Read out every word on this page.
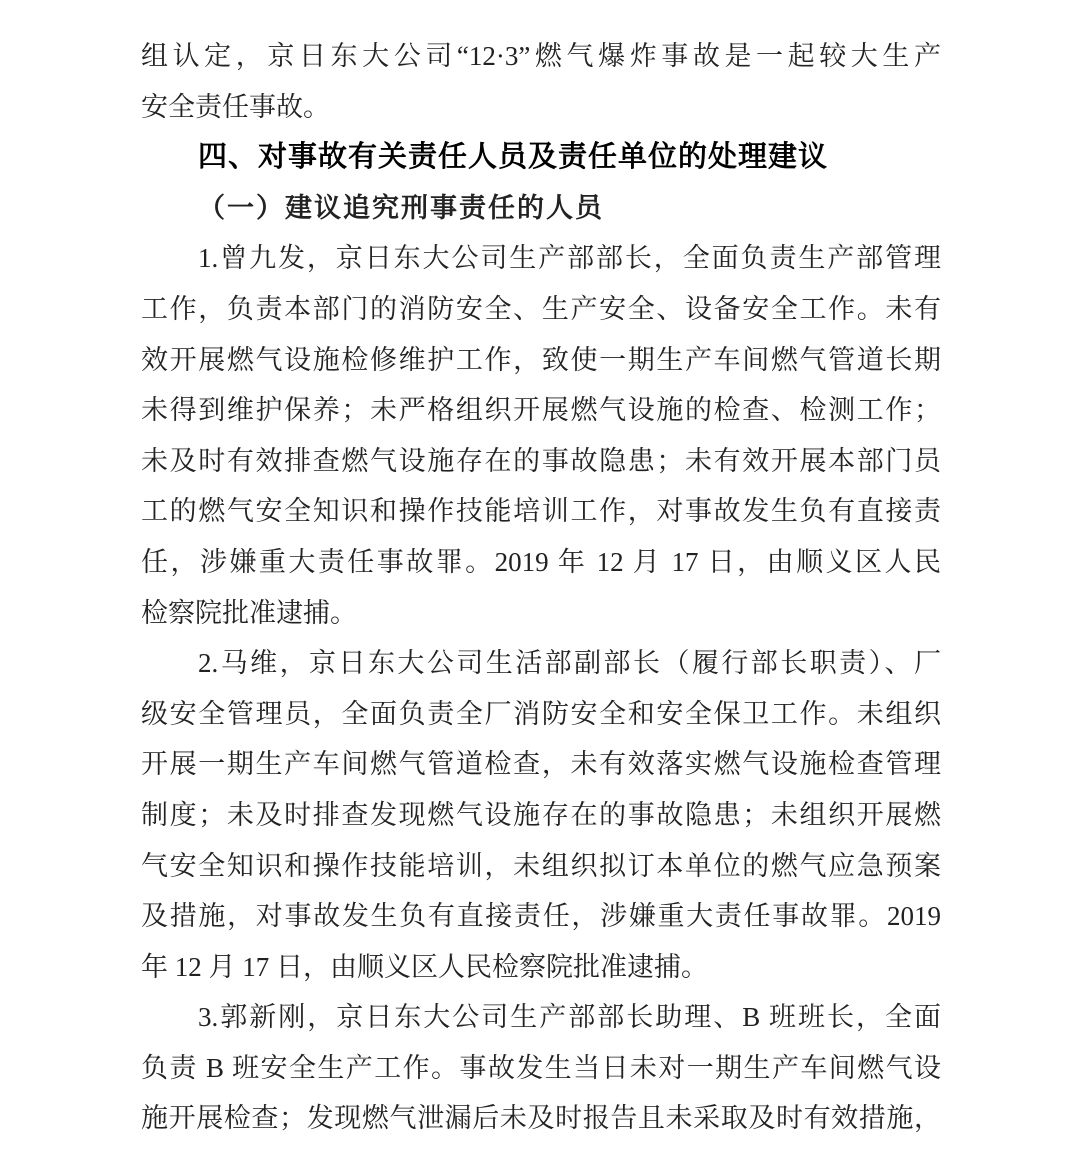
组认定，京日东大公司“12·3”燃气爆炸事故是一起较大生产
安全责任事故。
四、对事故有关责任人员及责任单位的处理建议
（一）建议追究刑事责任的人员
1.曾九发，京日东大公司生产部部长，全面负责生产部管理
工作，负责本部门的消防安全、生产安全、设备安全工作。未有
效开展燃气设施检修维护工作，致使一期生产车间燃气管道长期
未得到维护保养；未严格组织开展燃气设施的检查、检测工作；
未及时有效排查燃气设施存在的事故隐患；未有效开展本部门员
工的燃气安全知识和操作技能培训工作，对事故发生负有直接责
任，涉嫌重大责任事故罪。2019 年 12 月 17 日，由顺义区人民
检察院批准逮捕。
2.马维，京日东大公司生活部副部长（履行部长职责）、厂
级安全管理员，全面负责全厂消防安全和安全保卫工作。未组织
开展一期生产车间燃气管道检查，未有效落实燃气设施检查管理
制度；未及时排查发现燃气设施存在的事故隐患；未组织开展燃
气安全知识和操作技能培训，未组织拟订本单位的燃气应急预案
及措施，对事故发生负有直接责任，涉嫌重大责任事故罪。2019
年 12 月 17 日，由顺义区人民检察院批准逮捕。
3.郭新刚，京日东大公司生产部部长助理、B 班班长，全面
负责 B 班安全生产工作。事故发生当日未对一期生产车间燃气设
施开展检查；发现燃气泄漏后未及时报告且未采取及时有效措施，
